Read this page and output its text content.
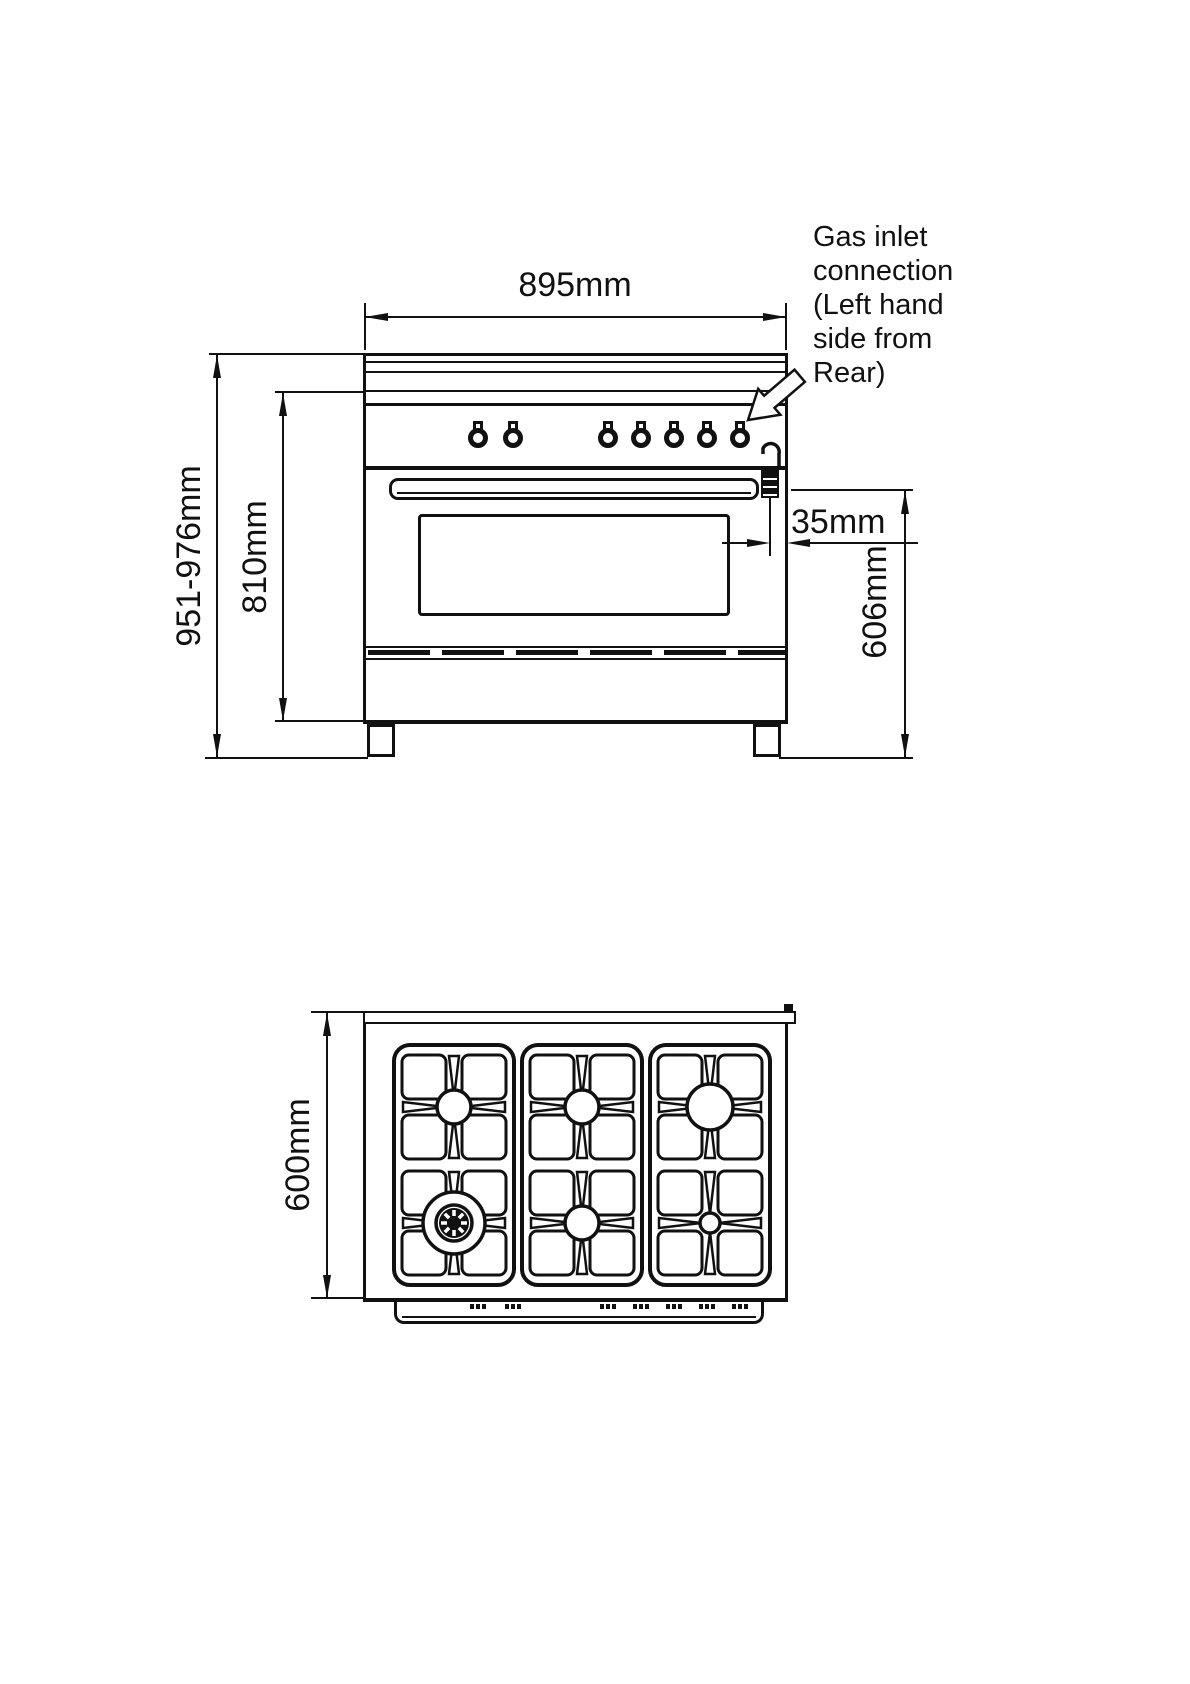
Gas inlet
connection
(Left hand
side from
Rear)
895mm
951-976mm 810mm	606mm
35mm
600mm
